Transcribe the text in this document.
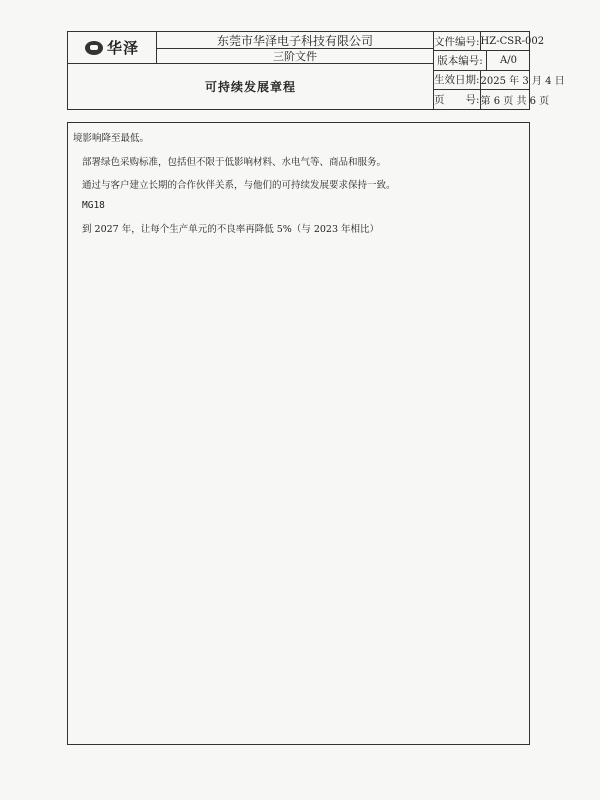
华泽	东莞市华泽电子科技有限公司
三阶文件
可持续发展章程
文件编号: HZ-CSR-002
版本编号:	A/0
生效日期: 2025 年 3 月 4 日
页　　号: 第 6 页 共 6 页
境影响降至最低。
部署绿色采购标准，包括但不限于低影响材料、水电气等、商品和服务。
通过与客户建立长期的合作伙伴关系，与他们的可持续发展要求保持一致。
MG18
到 2027 年，让每个生产单元的不良率再降低 5%（与 2023 年相比）
